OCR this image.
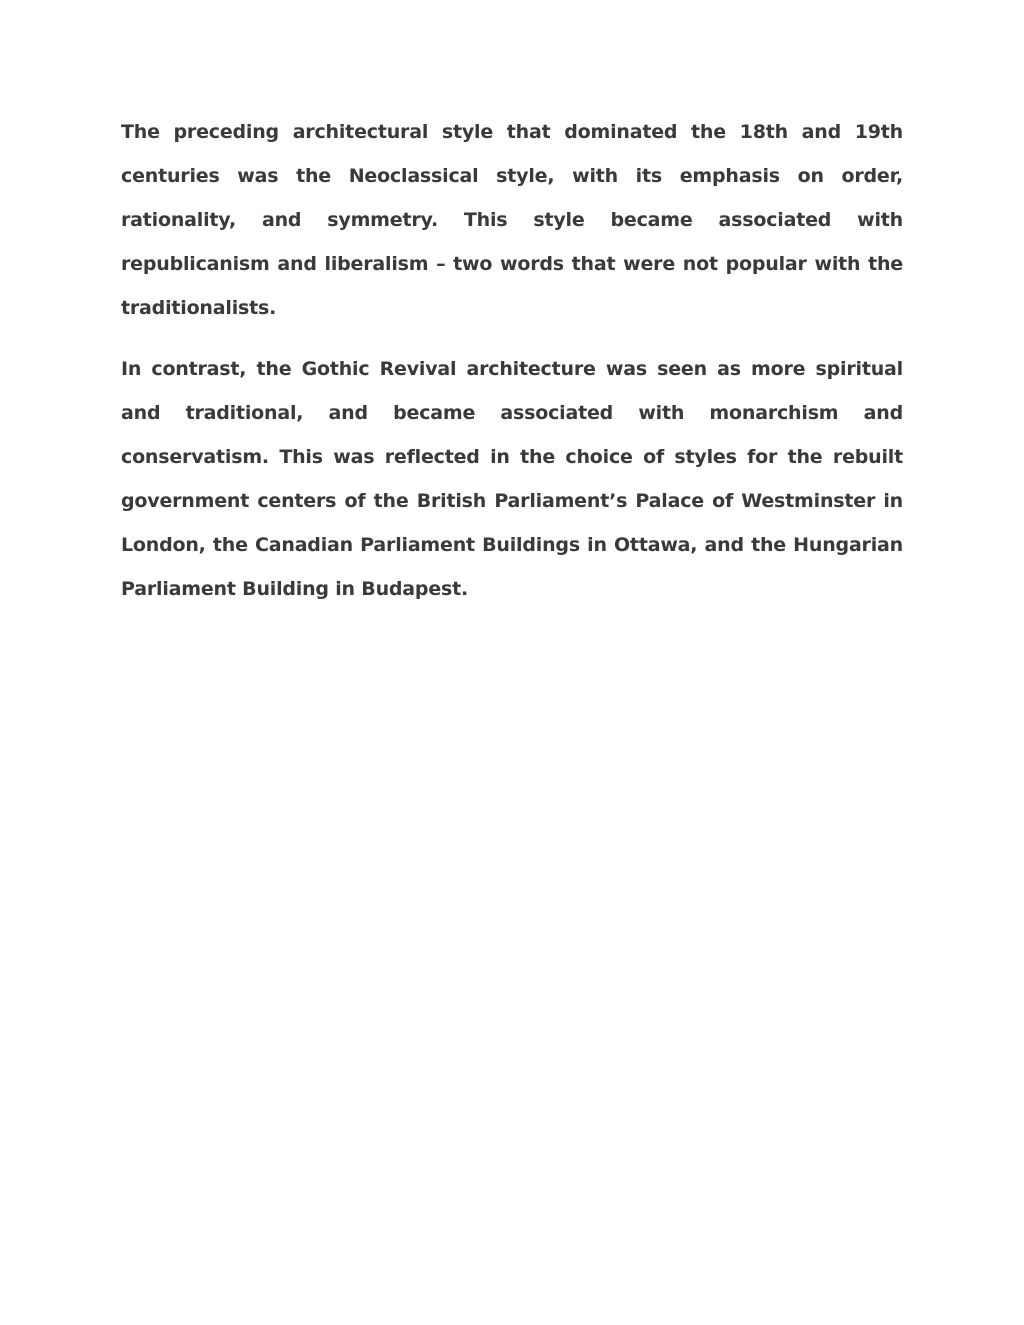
The preceding architectural style that dominated the 18th and 19th centuries was the Neoclassical style, with its emphasis on order, rationality, and symmetry. This style became associated with republicanism and liberalism – two words that were not popular with the traditionalists.

In contrast, the Gothic Revival architecture was seen as more spiritual and traditional, and became associated with monarchism and conservatism. This was reflected in the choice of styles for the rebuilt government centers of the British Parliament’s Palace of Westminster in London, the Canadian Parliament Buildings in Ottawa, and the Hungarian Parliament Building in Budapest.
